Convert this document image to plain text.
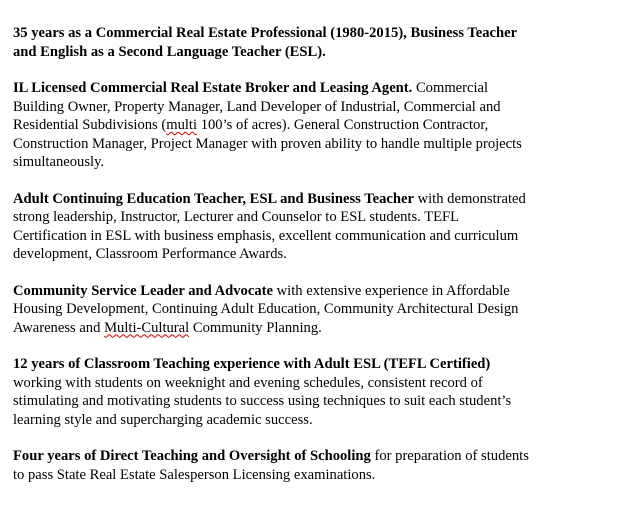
35 years as a Commercial Real Estate Professional (1980-2015), Business Teacher
and English as a Second Language Teacher (ESL).

IL Licensed Commercial Real Estate Broker and Leasing Agent. Commercial
Building Owner, Property Manager, Land Developer of Industrial, Commercial and
Residential Subdivisions (multi 100’s of acres). General Construction Contractor,
Construction Manager, Project Manager with proven ability to handle multiple projects
simultaneously.

Adult Continuing Education Teacher, ESL and Business Teacher with demonstrated
strong leadership, Instructor, Lecturer and Counselor to ESL students. TEFL
Certification in ESL with business emphasis, excellent communication and curriculum
development, Classroom Performance Awards.

Community Service Leader and Advocate with extensive experience in Affordable
Housing Development, Continuing Adult Education, Community Architectural Design
Awareness and Multi-Cultural Community Planning.

12 years of Classroom Teaching experience with Adult ESL (TEFL Certified)
working with students on weeknight and evening schedules, consistent record of
stimulating and motivating students to success using techniques to suit each student’s
learning style and supercharging academic success.

Four years of Direct Teaching and Oversight of Schooling for preparation of students
to pass State Real Estate Salesperson Licensing examinations.
